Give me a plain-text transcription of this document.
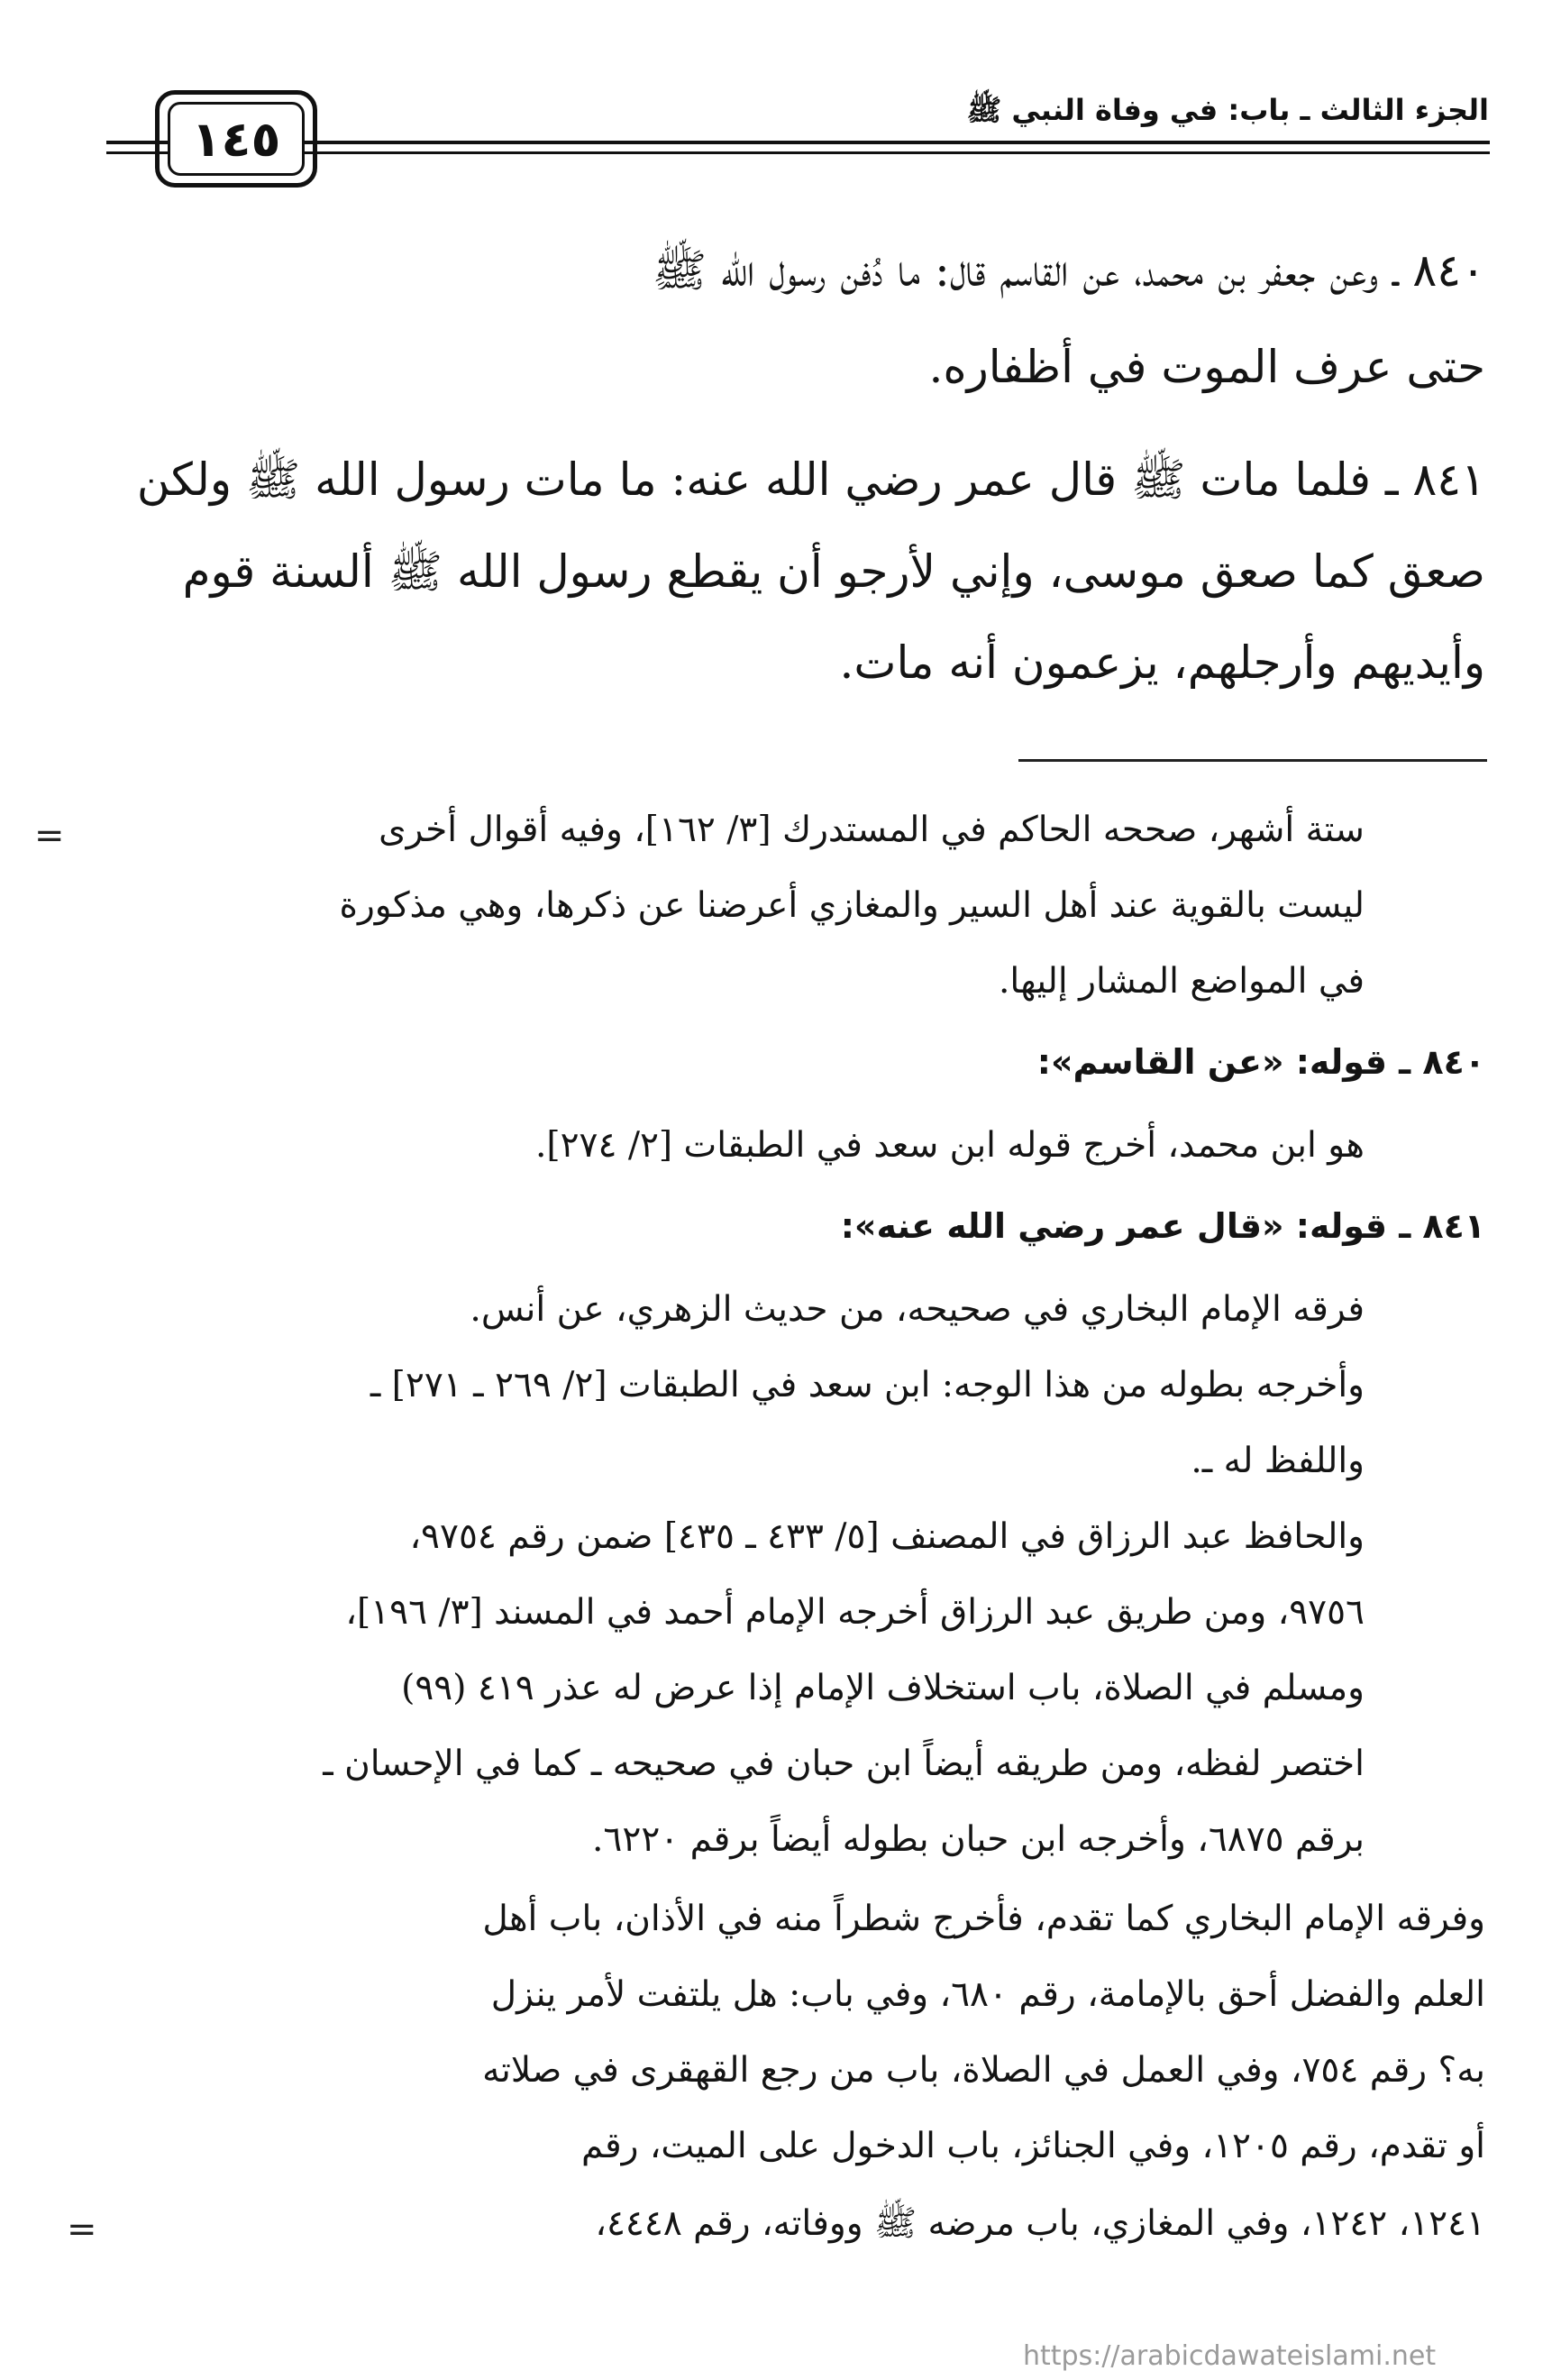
الجزء الثالث ـ باب: في وفاة النبي ﷺ
١٤٥
٨٤٠ ـ وعن جعفر بن محمد، عن القاسم قال: ما دُفن رسول الله ﷺ
حتى عرف الموت في أظفاره.
٨٤١ ـ فلما مات ﷺ قال عمر رضي الله عنه: ما مات رسول الله ﷺ ولكن
صعق كما صعق موسى، وإني لأرجو أن يقطع رسول الله ﷺ ألسنة قوم
وأيديهم وأرجلهم، يزعمون أنه مات.
=	ستة أشهر، صححه الحاكم في المستدرك [٣/ ١٦٢]، وفيه أقوال أخرى
ليست بالقوية عند أهل السير والمغازي أعرضنا عن ذكرها، وهي مذكورة
في المواضع المشار إليها.
٨٤٠ ـ قوله: «عن القاسم»:
هو ابن محمد، أخرج قوله ابن سعد في الطبقات [٢/ ٢٧٤].
٨٤١ ـ قوله: «قال عمر رضي الله عنه»:
فرقه الإمام البخاري في صحيحه، من حديث الزهري، عن أنس.
وأخرجه بطوله من هذا الوجه: ابن سعد في الطبقات [٢/ ٢٦٩ ـ ٢٧١] ـ
واللفظ له ـ.
والحافظ عبد الرزاق في المصنف [٥/ ٤٣٣ ـ ٤٣٥] ضمن رقم ٩٧٥٤،
٩٧٥٦، ومن طريق عبد الرزاق أخرجه الإمام أحمد في المسند [٣/ ١٩٦]،
ومسلم في الصلاة، باب استخلاف الإمام إذا عرض له عذر ٤١٩ (٩٩)
اختصر لفظه، ومن طريقه أيضاً ابن حبان في صحيحه ـ كما في الإحسان ـ
برقم ٦٨٧٥، وأخرجه ابن حبان بطوله أيضاً برقم ٦٢٢٠.
وفرقه الإمام البخاري كما تقدم، فأخرج شطراً منه في الأذان، باب أهل
العلم والفضل أحق بالإمامة، رقم ٦٨٠، وفي باب: هل يلتفت لأمر ينزل
به؟ رقم ٧٥٤، وفي العمل في الصلاة، باب من رجع القهقرى في صلاته
أو تقدم، رقم ١٢٠٥، وفي الجنائز، باب الدخول على الميت، رقم
١٢٤١، ١٢٤٢، وفي المغازي، باب مرضه ﷺ ووفاته، رقم ٤٤٤٨،
=
https://arabicdawateislami.net
